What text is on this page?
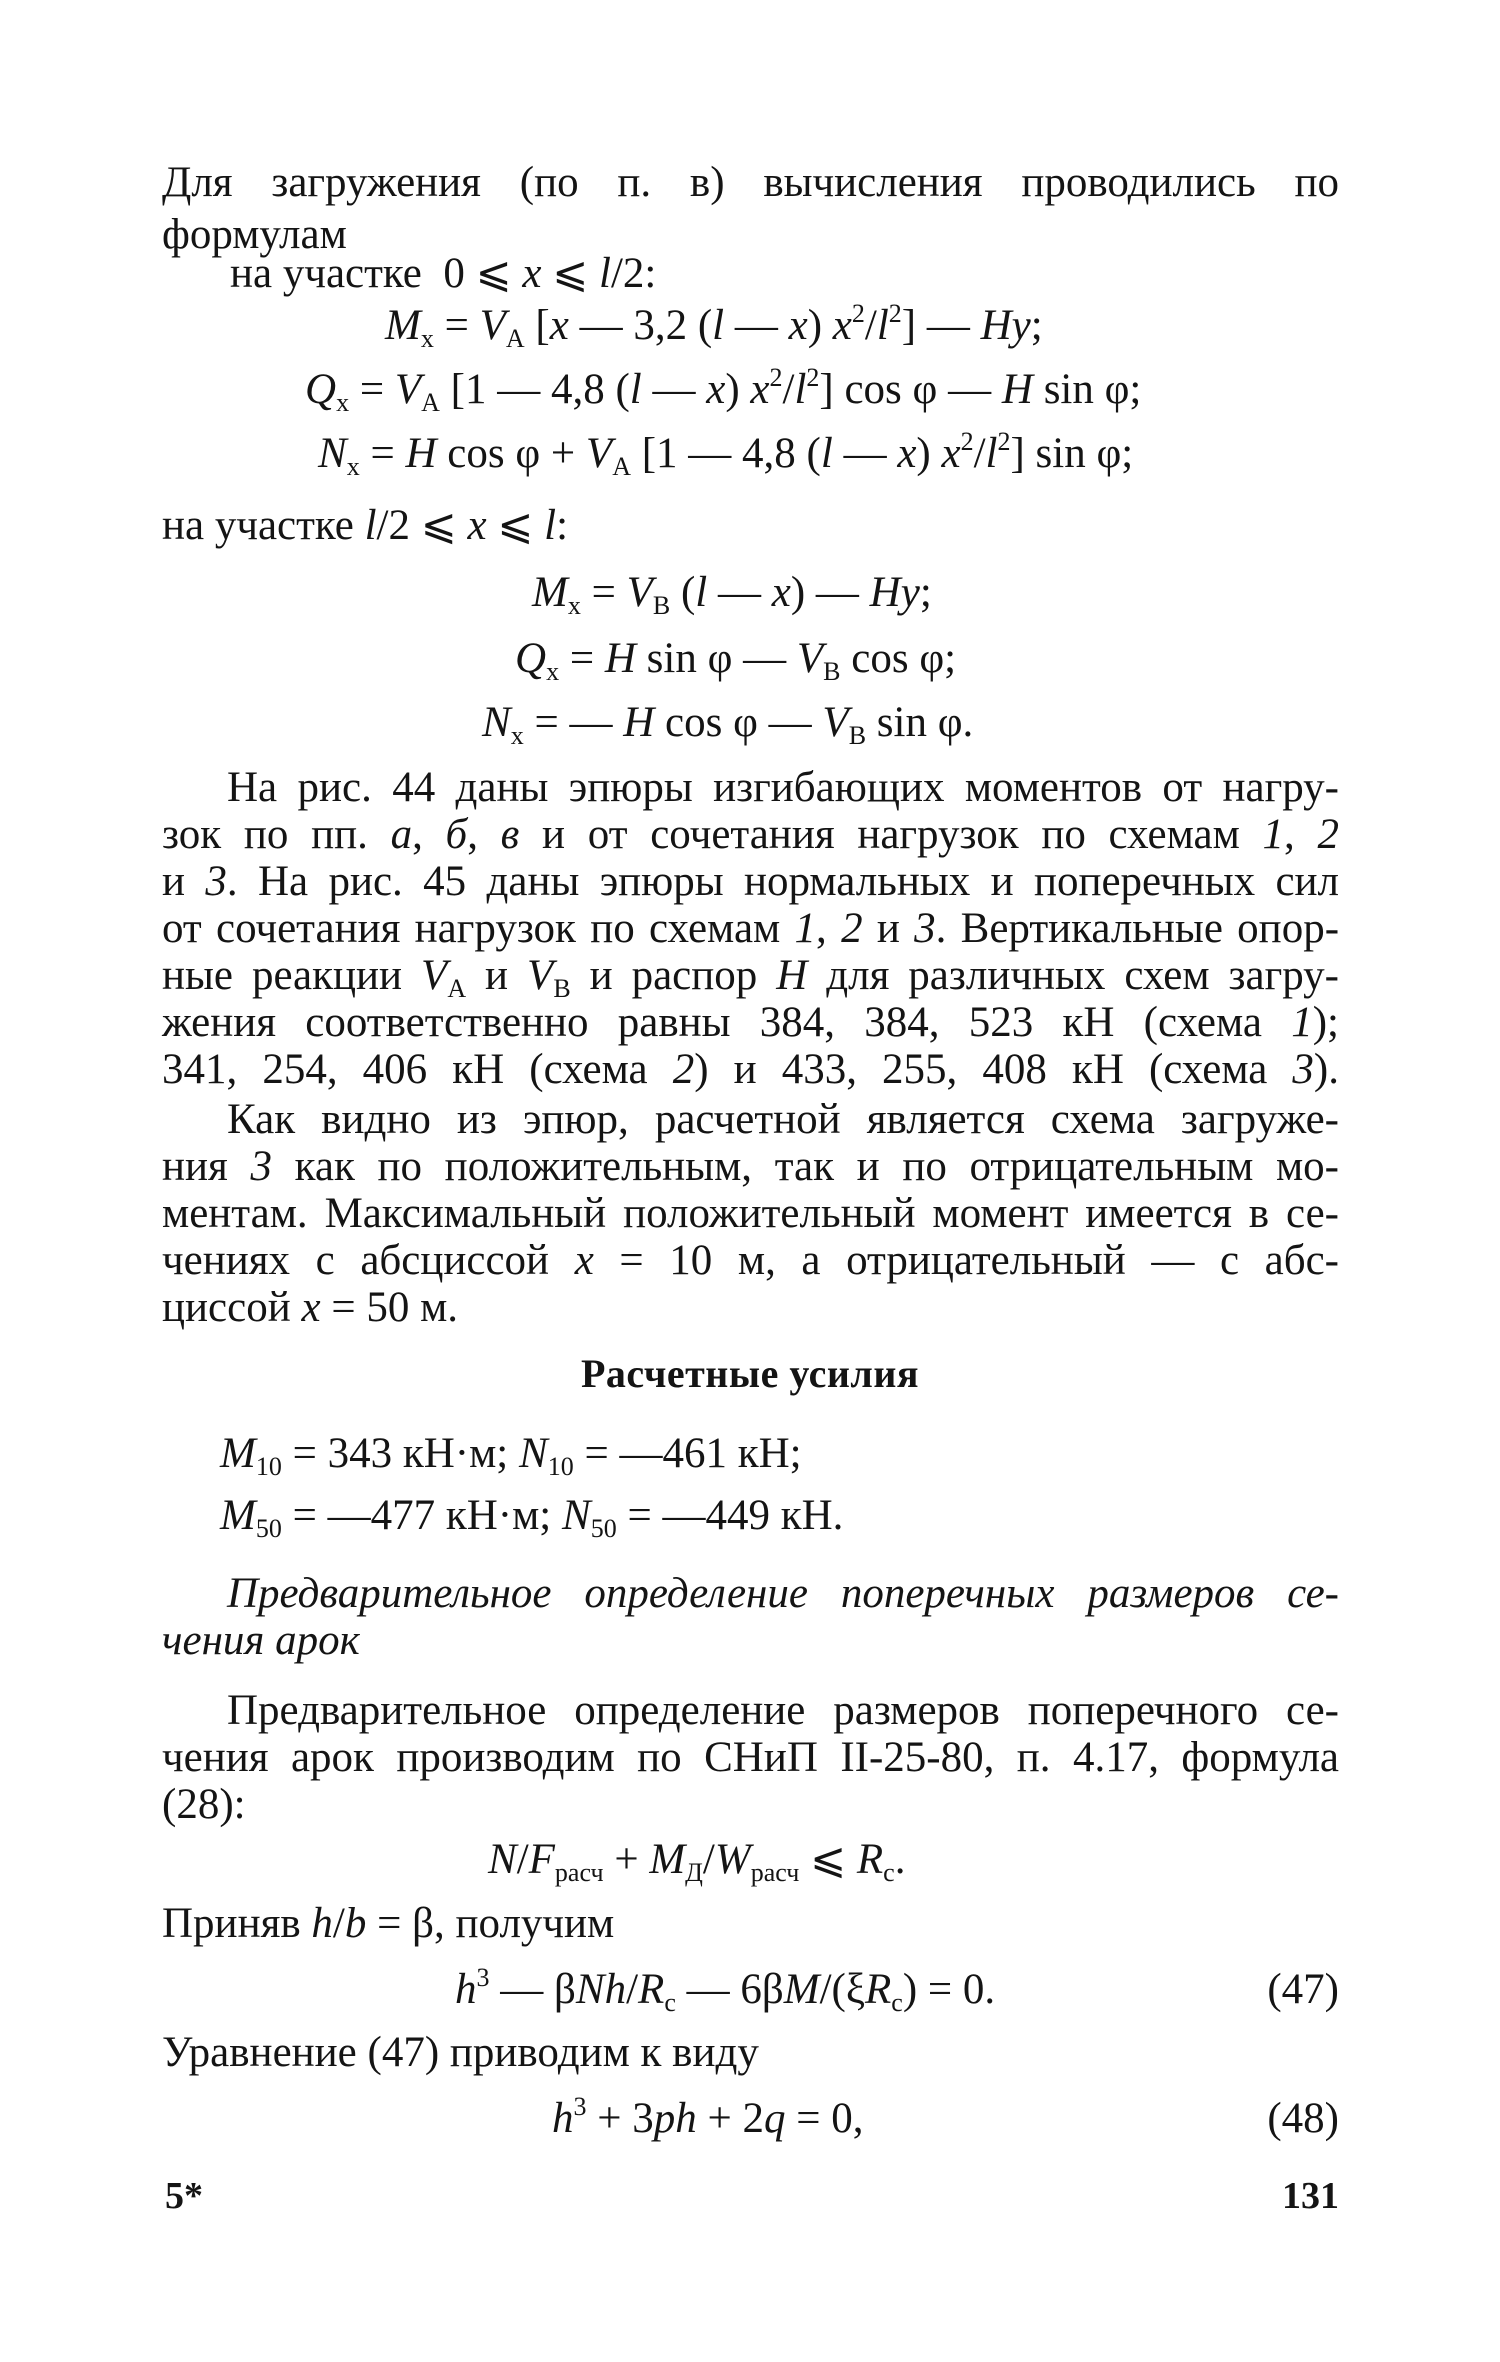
Для загружения (по п. в) вычисления проводились по
формулам
на участке  0 ⩽ x ⩽ l/2:
$M_x = V_A$ [x — 3,2 (l — x) $x^2/l^2$] — Hy;
$Q_x = V_A$ [1 — 4,8 (l — x) $x^2/l^2$] cos φ — H sin φ;
$N_x = H$ $\cos \varphi + V_A$ [1 — 4,8 (l — x) $x^2/l^2$] sin φ;
на участке l/2 ⩽ x ⩽ l:
$M_x = V_B$ (l — x) — Hy;
$Q_x = H$ sin φ — $V_B$ cos φ;
$N_x$ = — H cos φ — $V_B$ sin φ.
На рис. 44 даны эпюры изгибающих моментов от нагру-
зок по пп. а, б, в и от сочетания нагрузок по схемам 1, 2
и 3. На рис. 45 даны эпюры нормальных и поперечных сил
от сочетания нагрузок по схемам 1, 2 и 3. Вертикальные опор-
ные реакции $V_A$ и $V_B$ и распор H для различных схем загру-
жения соответственно равны 384, 384, 523 кН (схема 1);
341, 254, 406 кН (схема 2) и 433, 255, 408 кН (схема 3).
Как видно из эпюр, расчетной является схема загруже-
ния 3 как по положительным, так и по отрицательным мо-
ментам. Максимальный положительный момент имеется в се-
чениях с абсциссой x = 10 м, а отрицательный — с абс-
циссой x = 50 м.
Расчетные усилия
$M_{10} = 343$ кН·м; $N_{10}$ = —461 кН;
$M_{50}$ = —477 кН·м; $N_{50}$ = —449 кН.
Предварительное определение поперечных размеров се-
чения арок
Предварительное определение размеров поперечного се-
чения арок производим по СНиП II-25-80, п. 4.17, формула
(28):
$N/F_{расч} + M_Д/W_{расч}$ ⩽ $R_c$.
Приняв h/b = β, получим
$h^3$ — βNh/$R_c$ — $6\beta M/(\xi R_c) = 0$.	(47)
Уравнение (47) приводим к виду
$h^3 + 3ph + 2q = 0$,	(48)
5*	131
